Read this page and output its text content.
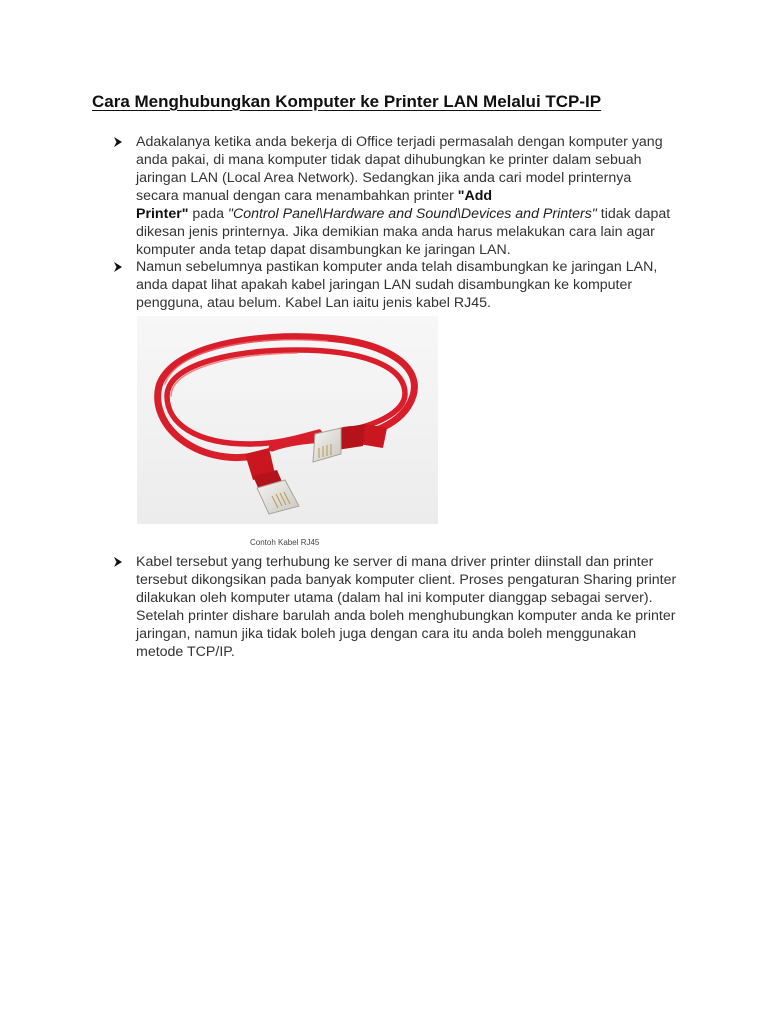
Cara Menghubungkan Komputer ke Printer LAN Melalui TCP-IP
Adakalanya ketika anda bekerja di Office terjadi permasalah dengan komputer yang anda pakai, di mana komputer tidak dapat dihubungkan ke printer dalam sebuah jaringan LAN (Local Area Network). Sedangkan jika anda cari model printernya secara manual dengan cara menambahkan printer "Add
Printer" pada "Control Panel\Hardware and Sound\Devices and Printers" tidak dapat dikesan jenis printernya. Jika demikian maka anda harus melakukan cara lain agar komputer anda tetap dapat disambungkan ke jaringan LAN.
Namun sebelumnya pastikan komputer anda telah disambungkan ke jaringan LAN, anda dapat lihat apakah kabel jaringan LAN sudah disambungkan ke komputer pengguna, atau belum. Kabel Lan iaitu jenis kabel RJ45.
Contoh Kabel RJ45
Kabel tersebut yang terhubung ke server di mana driver printer diinstall dan printer tersebut dikongsikan pada banyak komputer client. Proses pengaturan Sharing printer dilakukan oleh komputer utama (dalam hal ini komputer dianggap sebagai server). Setelah printer dishare barulah anda boleh menghubungkan komputer anda ke printer jaringan, namun jika tidak boleh juga dengan cara itu anda boleh menggunakan metode TCP/IP.
